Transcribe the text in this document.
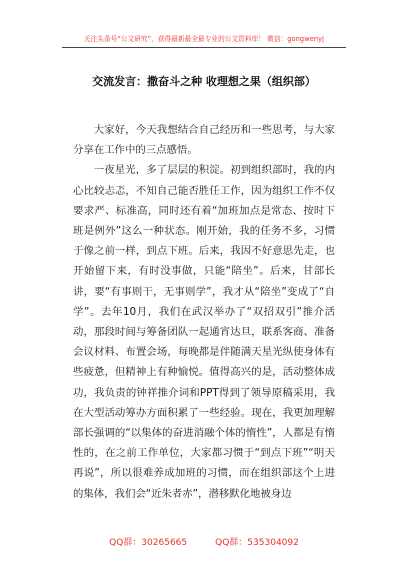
关注头条号“公文研究”，获得最新最全最专业的公文资料库！ 微信：gongwenyj
交流发言：撒奋斗之种 收理想之果（组织部）

大家好，今天我想结合自己经历和一些思考，与大家分享在工作中的三点感悟。

一夜星光，多了层层的积淀。初到组织部时，我的内心比较忐忑，不知自己能否胜任工作，因为组织工作不仅要求严、标准高，同时还有着“加班加点是常态、按时下班是例外”这么一种状态。刚开始，我的任务不多，习惯于像之前一样，到点下班。后来，我因不好意思先走，也开始留下来，有时没事做，只能“陪坐”。后来，甘部长讲，要“有事则干，无事则学”，我才从“陪坐”变成了“自学”。去年10月，我们在武汉举办了“双招双引”推介活动，那段时间与筹备团队一起通宵达旦，联系客商、准备会议材料、布置会场，每晚都是伴随满天星光纵使身体有些疲惫，但精神上有种愉悦。值得高兴的是，活动整体成功，我负责的钟祥推介词和PPT得到了领导原稿采用，我在大型活动筹办方面积累了一些经验。现在，我更加理解部长强调的“以集体的奋进消融个体的惰性”，人都是有惰性的，在之前工作单位，大家都习惯于“到点下班”“明天再说”，所以很难养成加班的习惯，而在组织部这个上进的集体，我们会“近朱者赤”，潜移默化地被身边

QQ群：30265665	QQ群：535304092
